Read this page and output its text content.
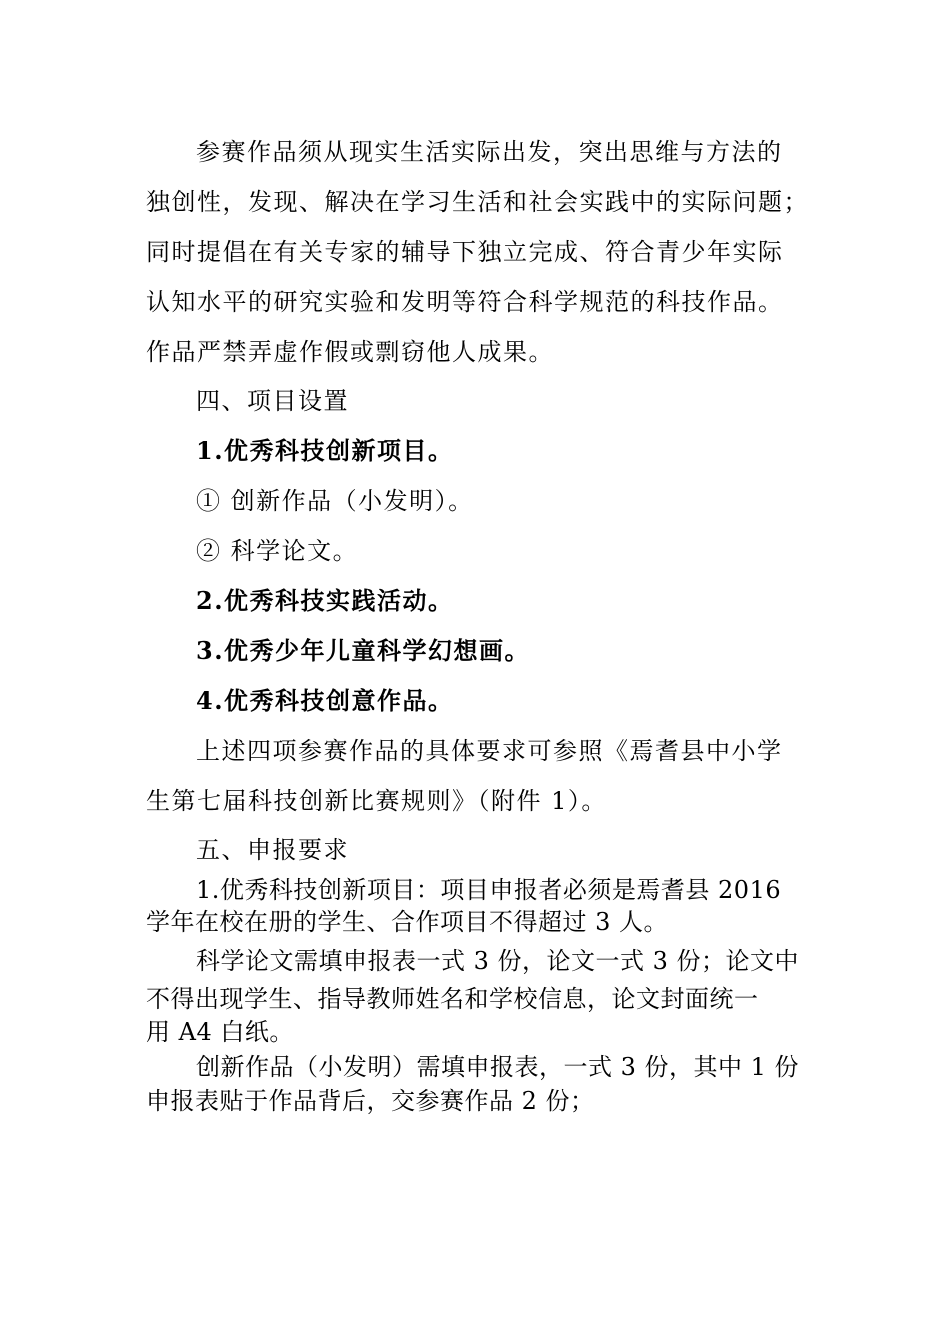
参赛作品须从现实生活实际出发，突出思维与方法的
独创性，发现、解决在学习生活和社会实践中的实际问题；
同时提倡在有关专家的辅导下独立完成、符合青少年实际
认知水平的研究实验和发明等符合科学规范的科技作品。
作品严禁弄虚作假或剽窃他人成果。
四、项目设置
1.优秀科技创新项目。
① 创新作品（小发明）。
② 科学论文。
2.优秀科技实践活动。
3.优秀少年儿童科学幻想画。
4.优秀科技创意作品。
上述四项参赛作品的具体要求可参照《焉耆县中小学
生第七届科技创新比赛规则》（附件 1）。
五、申报要求
1.优秀科技创新项目：项目申报者必须是焉耆县 2016
学年在校在册的学生、合作项目不得超过 3 人。
科学论文需填申报表一式 3 份，论文一式 3 份；论文中
不得出现学生、指导教师姓名和学校信息，论文封面统一
用 A4 白纸。
创新作品（小发明）需填申报表，一式 3 份，其中 1 份
申报表贴于作品背后，交参赛作品 2 份；
